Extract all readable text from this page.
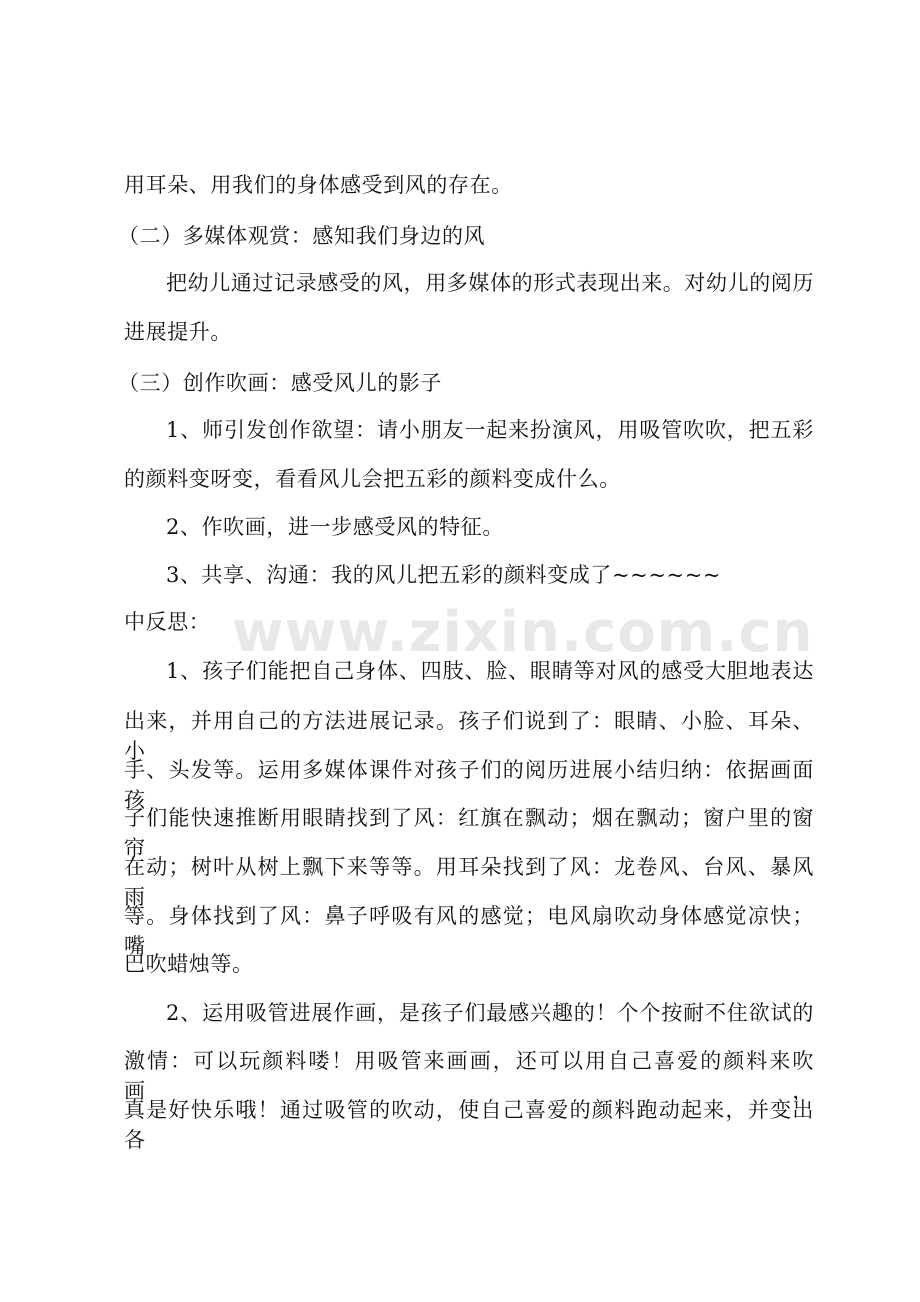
www.zixin.com.cn
用耳朵、用我们的身体感受到风的存在。
（二）多媒体观赏：感知我们身边的风
把幼儿通过记录感受的风，用多媒体的形式表现出来。对幼儿的阅历
进展提升。
（三）创作吹画：感受风儿的影子
1、师引发创作欲望：请小朋友一起来扮演风，用吸管吹吹，把五彩
的颜料变呀变，看看风儿会把五彩的颜料变成什么。
2、作吹画，进一步感受风的特征。
3、共享、沟通：我的风儿把五彩的颜料变成了~~~~~~
中反思：
1、孩子们能把自己身体、四肢、脸、眼睛等对风的感受大胆地表达
出来，并用自己的方法进展记录。孩子们说到了：眼睛、小脸、耳朵、小
手、头发等。运用多媒体课件对孩子们的阅历进展小结归纳：依据画面孩
子们能快速推断用眼睛找到了风：红旗在飘动；烟在飘动；窗户里的窗帘
在动；树叶从树上飘下来等等。用耳朵找到了风：龙卷风、台风、暴风雨
等。身体找到了风：鼻子呼吸有风的感觉；电风扇吹动身体感觉凉快；嘴
巴吹蜡烛等。
2、运用吸管进展作画，是孩子们最感兴趣的！个个按耐不住欲试的
激情：可以玩颜料喽！用吸管来画画，还可以用自己喜爱的颜料来吹画，
真是好快乐哦！通过吸管的吹动，使自己喜爱的颜料跑动起来，并变出各
